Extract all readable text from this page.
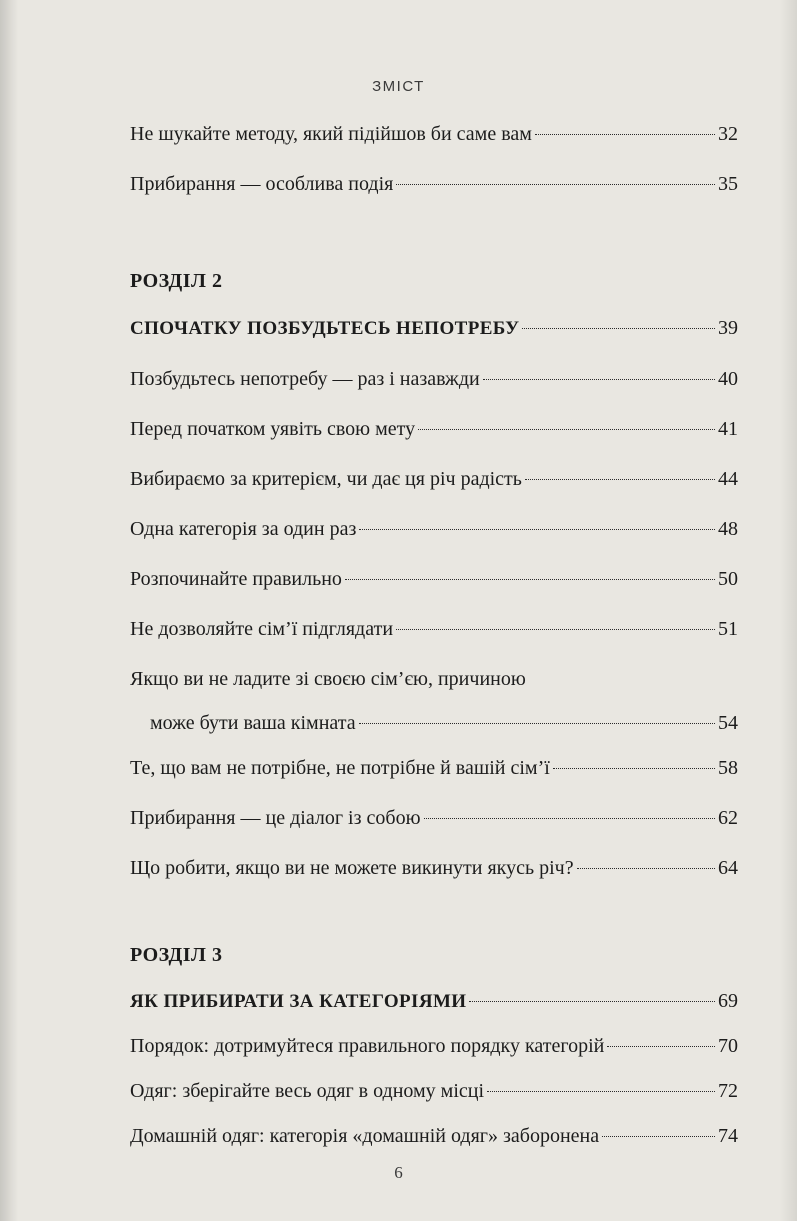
ЗМІСТ
Не шукайте методу, який підійшов би саме вам	32
Прибирання — особлива подія	35
РОЗДІЛ 2
СПОЧАТКУ ПОЗБУДЬТЕСЬ НЕПОТРЕБУ	39
Позбудьтесь непотребу — раз і назавжди	40
Перед початком уявіть свою мету	41
Вибираємо за критерієм, чи дає ця річ радість	44
Одна категорія за один раз	48
Розпочинайте правильно	50
Не дозволяйте сім’ї підглядати	51
Якщо ви не ладите зі своєю сім’єю, причиною
може бути ваша кімната	54
Те, що вам не потрібне, не потрібне й вашій сім’ї	58
Прибирання — це діалог із собою	62
Що робити, якщо ви не можете викинути якусь річ?	64
РОЗДІЛ 3
ЯК ПРИБИРАТИ ЗА КАТЕГОРІЯМИ	69
Порядок: дотримуйтеся правильного порядку категорій	70
Одяг: зберігайте весь одяг в одному місці	72
Домашній одяг: категорія «домашній одяг» заборонена	74
6
